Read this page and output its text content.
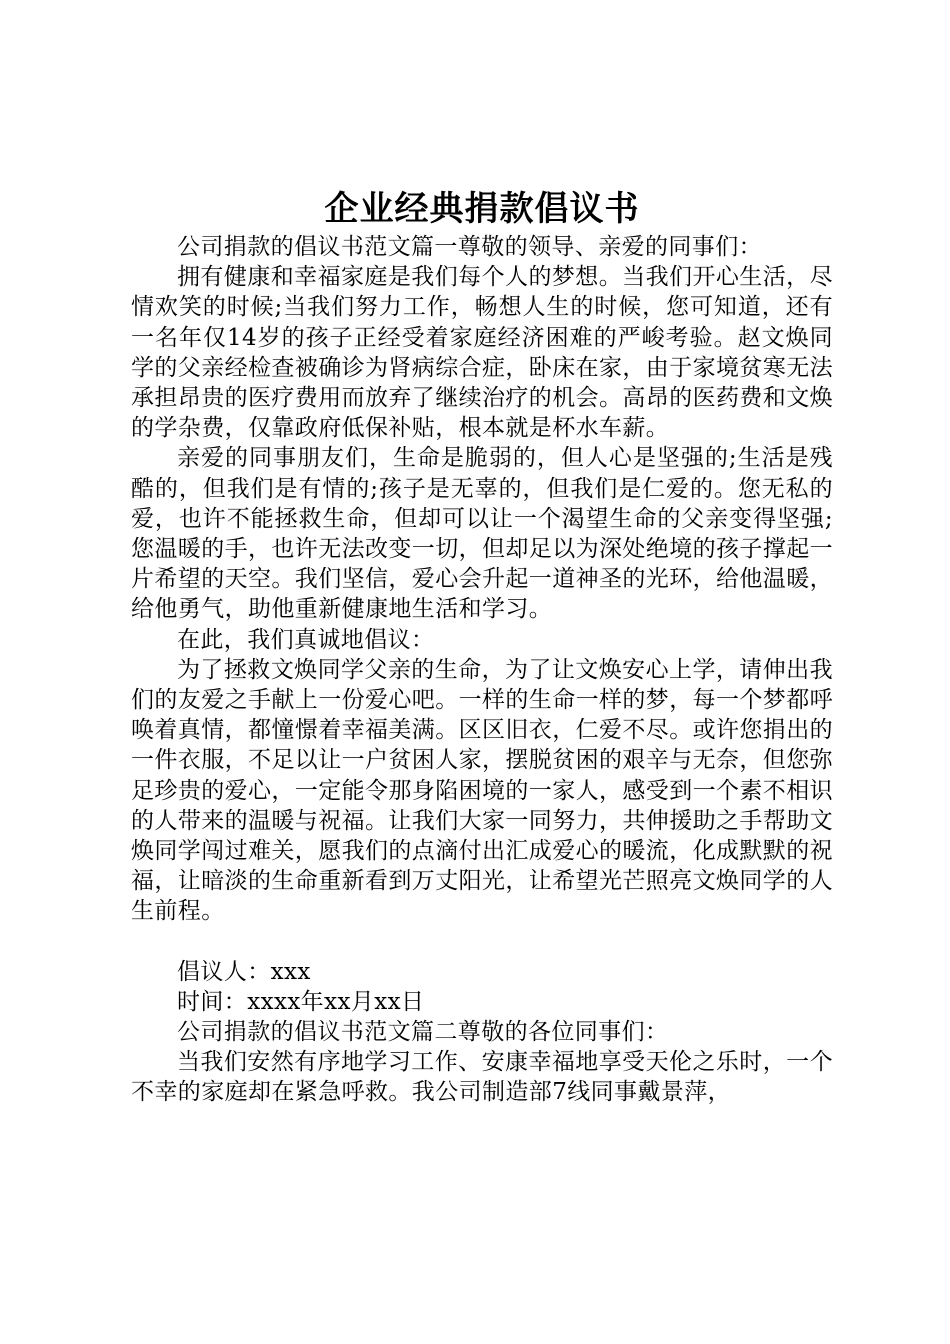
企业经典捐款倡议书

公司捐款的倡议书范文篇一尊敬的领导、亲爱的同事们：

拥有健康和幸福家庭是我们每个人的梦想。当我们开心生活，尽情欢笑的时候;当我们努力工作，畅想人生的时候，您可知道，还有一名年仅14岁的孩子正经受着家庭经济困难的严峻考验。赵文焕同学的父亲经检查被确诊为肾病综合症，卧床在家，由于家境贫寒无法承担昂贵的医疗费用而放弃了继续治疗的机会。高昂的医药费和文焕的学杂费，仅靠政府低保补贴，根本就是杯水车薪。

亲爱的同事朋友们，生命是脆弱的，但人心是坚强的;生活是残酷的，但我们是有情的;孩子是无辜的，但我们是仁爱的。您无私的爱，也许不能拯救生命，但却可以让一个渴望生命的父亲变得坚强;您温暖的手，也许无法改变一切，但却足以为深处绝境的孩子撑起一片希望的天空。我们坚信，爱心会升起一道神圣的光环，给他温暖，给他勇气，助他重新健康地生活和学习。

在此，我们真诚地倡议：

为了拯救文焕同学父亲的生命，为了让文焕安心上学，请伸出我们的友爱之手献上一份爱心吧。一样的生命一样的梦，每一个梦都呼唤着真情，都憧憬着幸福美满。区区旧衣，仁爱不尽。或许您捐出的一件衣服，不足以让一户贫困人家，摆脱贫困的艰辛与无奈，但您弥足珍贵的爱心，一定能令那身陷困境的一家人，感受到一个素不相识的人带来的温暖与祝福。让我们大家一同努力，共伸援助之手帮助文焕同学闯过难关，愿我们的点滴付出汇成爱心的暖流，化成默默的祝福，让暗淡的生命重新看到万丈阳光，让希望光芒照亮文焕同学的人生前程。

倡议人：xxx

时间：xxxx年xx月xx日

公司捐款的倡议书范文篇二尊敬的各位同事们：

当我们安然有序地学习工作、安康幸福地享受天伦之乐时，一个不幸的家庭却在紧急呼救。我公司制造部7线同事戴景萍，
